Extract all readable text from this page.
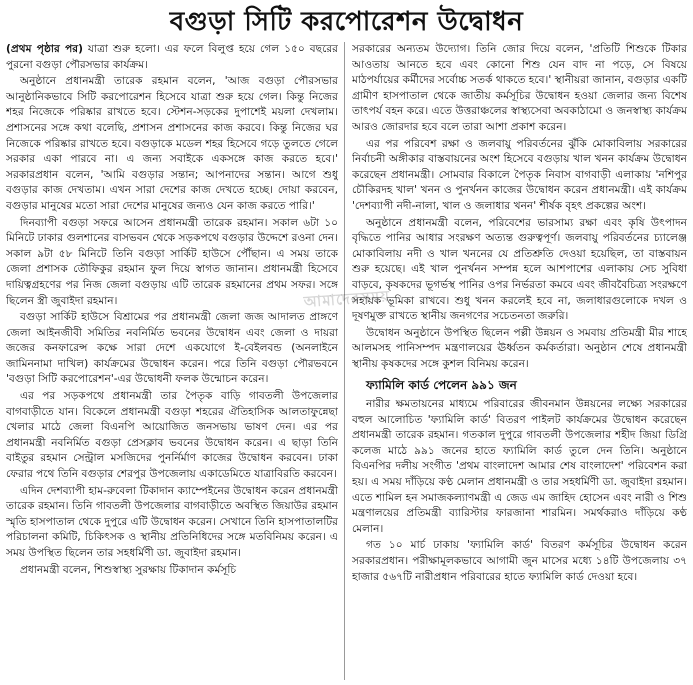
বগুড়া সিটি করপোরেশন উদ্বোধন

(প্রথম পৃষ্ঠার পর) যাত্রা শুরু হলো। এর ফলে বিলুপ্ত হয়ে গেল ১৫০ বছরের পুরনো বগুড়া পৌরসভার কার্যক্রম।

অনুষ্ঠানে প্রধানমন্ত্রী তারেক রহমান বলেন, 'আজ বগুড়া পৌরসভার আনুষ্ঠানিকভাবে সিটি করপোরেশন হিসেবে যাত্রা শুরু হয়ে গেল। কিন্তু নিজের শহর নিজেকে পরিষ্কার রাখতে হবে। স্টেশন-সড়কের দুপাশেই ময়লা দেখলাম। প্রশাসনের সঙ্গে কথা বলেছি, প্রশাসন প্রশাসনের কাজ করবে। কিন্তু নিজের ঘর নিজেকে পরিষ্কার রাখতে হবে। বগুড়াকে মডেল শহর হিসেবে গড়ে তুলতে গেলে সরকার একা পারবে না। এ জন্য সবাইকে একসঙ্গে কাজ করতে হবে।' সরকারপ্রধান বলেন, 'আমি বগুড়ার সন্তান; আপনাদের সন্তান। আগে শুধু বগুড়ার কাজ দেখতাম। এখন সারা দেশের কাজ দেখতে হচ্ছে। দোয়া করবেন, বগুড়ার মানুষের মতো সারা দেশের মানুষের জন্যও যেন কাজ করতে পারি।'

দিনব্যাপী বগুড়া সফরে আসেন প্রধানমন্ত্রী তারেক রহমান। সকাল ৬টা ১০ মিনিটে ঢাকার গুলশানের বাসভবন থেকে সড়কপথে বগুড়ার উদ্দেশে রওনা দেন। সকাল ৯টা ৫৮ মিনিটে তিনি বগুড়া সার্কিট হাউসে পৌঁছান। এ সময় তাকে জেলা প্রশাসক তৌফিকুর রহমান ফুল দিয়ে স্বাগত জানান। প্রধানমন্ত্রী হিসেবে দায়িত্বগ্রহণের পর নিজ জেলা বগুড়ায় এটি তারেক রহমানের প্রথম সফর। সঙ্গে ছিলেন স্ত্রী জুবাইদা রহমান।

বগুড়া সার্কিট হাউসে বিশ্রামের পর প্রধানমন্ত্রী জেলা জজ আদালত প্রাঙ্গণে জেলা আইনজীবী সমিতির নবনির্মিত ভবনের উদ্বোধন এবং জেলা ও দায়রা জজের কনফারেন্স কক্ষে সারা দেশে একযোগে ই-বেইলবন্ড (অনলাইনে জামিননামা দাখিল) কার্যক্রমের উদ্বোধন করেন। পরে তিনি বগুড়া পৌরভবনে 'বগুড়া সিটি করপোরেশন'-এর উদ্বোধনী ফলক উন্মোচন করেন।

এর পর সড়কপথে প্রধানমন্ত্রী তার পৈতৃক বাড়ি গাবতলী উপজেলার বাগবাড়ীতে যান। বিকেলে প্রধানমন্ত্রী বগুড়া শহরের ঐতিহাসিক আলতাফুন্নেছা খেলার মাঠে জেলা বিএনপি আয়োজিত জনসভায় ভাষণ দেন। এর পর প্রধানমন্ত্রী নবনির্মিত বগুড়া প্রেসক্লাব ভবনের উদ্বোধন করেন। এ ছাড়া তিনি বাইতুর রহমান সেন্ট্রাল মসজিদের পুনর্নির্মাণ কাজের উদ্বোধন করবেন। ঢাকা ফেরার পথে তিনি বগুড়ার শেরপুর উপজেলায় একাডেমিতে যাত্রাবিরতি করবেন।

এদিন দেশব্যাপী হাম-রুবেলা টিকাদান ক্যাম্পেইনের উদ্বোধন করেন প্রধানমন্ত্রী তারেক রহমান। তিনি গাবতলী উপজেলার বাগবাড়ীতে অবস্থিত জিয়াউর রহমান স্মৃতি হাসপাতাল থেকে দুপুরে এটি উদ্বোধন করেন। সেখানে তিনি হাসপাতালটির পরিচালনা কমিটি, চিকিৎসক ও স্থানীয় প্রতিনিধিদের সঙ্গে মতবিনিময় করেন। এ সময় উপস্থিত ছিলেন তার সহধর্মিণী ডা. জুবাইদা রহমান।

প্রধানমন্ত্রী বলেন, শিশুস্বাস্থ্য সুরক্ষায় টিকাদান কর্মসূচি

সরকারের অন্যতম উদ্যোগ। তিনি জোর দিয়ে বলেন, 'প্রতিটি শিশুকে টিকার আওতায় আনতে হবে এবং কোনো শিশু যেন বাদ না পড়ে, সে বিষয়ে মাঠপর্যায়ের কর্মীদের সর্বোচ্চ সতর্ক থাকতে হবে।' স্থানীয়রা জানান, বগুড়ার একটি গ্রামীণ হাসপাতাল থেকে জাতীয় কর্মসূচির উদ্বোধন হওয়া জেলার জন্য বিশেষ তাৎপর্য বহন করে। এতে উত্তরাঞ্চলের স্বাস্থ্যসেবা অবকাঠামো ও জনস্বাস্থ্য কার্যক্রম আরও জোরদার হবে বলে তারা আশা প্রকাশ করেন।

এর পর পরিবেশ রক্ষা ও জলবায়ু পরিবর্তনের ঝুঁকি মোকাবিলায় সরকারের নির্বাচনী অঙ্গীকার বাস্তবায়নের অংশ হিসেবে বগুড়ায় খাল খনন কার্যক্রম উদ্বোধন করেছেন প্রধানমন্ত্রী। সোমবার বিকালে পৈতৃক নিবাস বাগবাড়ী এলাকায় 'নশিপুর চৌকিরদহ খাল' খনন ও পুনর্খনন কাজের উদ্বোধন করেন প্রধানমন্ত্রী। এই কার্যক্রম 'দেশব্যাপী নদী-নালা, খাল ও জলাধার খনন' শীর্ষক বৃহৎ প্রকল্পের অংশ।

অনুষ্ঠানে প্রধানমন্ত্রী বলেন, পরিবেশের ভারসাম্য রক্ষা এবং কৃষি উৎপাদন বৃদ্ধিতে পানির আধার সংরক্ষণ অত্যন্ত গুরুত্বপূর্ণ। জলবায়ু পরিবর্তনের চ্যালেঞ্জ মোকাবিলায় নদী ও খাল খননের যে প্রতিশ্রুতি দেওয়া হয়েছিল, তা বাস্তবায়ন শুরু হয়েছে। এই খাল পুনর্খনন সম্পন্ন হলে আশপাশের এলাকায় সেচ সুবিধা বাড়বে, কৃষকদের ভূগর্ভস্থ পানির ওপর নির্ভরতা কমবে এবং জীববৈচিত্র্য সংরক্ষণে সহায়ক ভূমিকা রাখবে। শুধু খনন করলেই হবে না, জলাধারগুলোকে দখল ও দূষণমুক্ত রাখতে স্থানীয় জনগণের সচেতনতা জরুরি।

উদ্বোধন অনুষ্ঠানে উপস্থিত ছিলেন পল্লী উন্নয়ন ও সমবায় প্রতিমন্ত্রী মীর শাহে আলমসহ পানিসম্পদ মন্ত্রণালয়ের ঊর্ধ্বতন কর্মকর্তারা। অনুষ্ঠান শেষে প্রধানমন্ত্রী স্থানীয় কৃষকদের সঙ্গে কুশল বিনিময় করেন।

ফ্যামিলি কার্ড পেলেন ৯৯১ জন

নারীর ক্ষমতায়নের মাধ্যমে পরিবারের জীবনমান উন্নয়নের লক্ষ্যে সরকারের বহুল আলোচিত 'ফ্যামিলি কার্ড' বিতরণ পাইলট কার্যক্রমের উদ্বোধন করেছেন প্রধানমন্ত্রী তারেক রহমান। গতকাল দুপুরে গাবতলী উপজেলার শহীদ জিয়া ডিগ্রি কলেজ মাঠে ৯৯১ জনের হাতে ফ্যামিলি কার্ড তুলে দেন তিনি। অনুষ্ঠানে বিএনপির দলীয় সংগীত 'প্রথম বাংলাদেশ আমার শেষ বাংলাদেশ' পরিবেশন করা হয়। এ সময় দাঁড়িয়ে কণ্ঠ মেলান প্রধানমন্ত্রী ও তার সহধর্মিণী ডা. জুবাইদা রহমান। এতে শামিল হন সমাজকল্যাণমন্ত্রী এ জেড এম জাহিদ হোসেন এবং নারী ও শিশু মন্ত্রণালয়ের প্রতিমন্ত্রী ব্যারিস্টার ফারজানা শারমিন। সমর্থকরাও দাঁড়িয়ে কণ্ঠ মেলান।

গত ১০ মার্চ ঢাকায় 'ফ্যামিলি কার্ড' বিতরণ কর্মসূচির উদ্বোধন করেন সরকারপ্রধান। পরীক্ষামূলকভাবে আগামী জুন মাসের মধ্যে ১৪টি উপজেলায় ৩৭ হাজার ৫৬৭টি নারীপ্রধান পরিবারের হাতে ফ্যামিলি কার্ড দেওয়া হবে।

আমাদেরসময়
